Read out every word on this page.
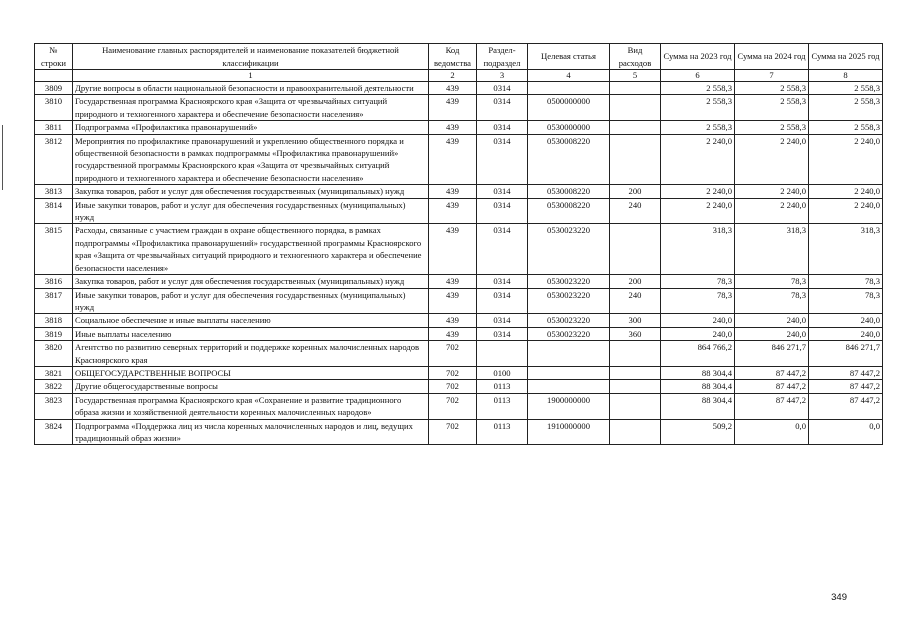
№ строки	Наименование главных распорядителей и наименование показателей бюджетной классификации	Код ведомства	Раздел-подраздел	Целевая статья	Вид расходов	Сумма на 2023 год	Сумма на 2024 год	Сумма на 2025 год
	1	2	3	4	5	6	7	8
3809	Другие вопросы в области национальной безопасности и правоохранительной деятельности	439	0314			2 558,3	2 558,3	2 558,3
3810	Государственная программа Красноярского края «Защита от чрезвычайных ситуаций природного и техногенного характера и обеспечение безопасности населения»	439	0314	0500000000		2 558,3	2 558,3	2 558,3
3811	Подпрограмма «Профилактика правонарушений»	439	0314	0530000000		2 558,3	2 558,3	2 558,3
3812	Мероприятия по профилактике правонарушений и укреплению общественного порядка и общественной безопасности в рамках подпрограммы «Профилактика правонарушений» государственной программы Красноярского края «Защита от чрезвычайных ситуаций природного и техногенного характера и обеспечение безопасности населения»	439	0314	0530008220		2 240,0	2 240,0	2 240,0
3813	Закупка товаров, работ и услуг для обеспечения государственных (муниципальных) нужд	439	0314	0530008220	200	2 240,0	2 240,0	2 240,0
3814	Иные закупки товаров, работ и услуг для обеспечения государственных (муниципальных) нужд	439	0314	0530008220	240	2 240,0	2 240,0	2 240,0
3815	Расходы, связанные с участием граждан в охране общественного порядка, в рамках подпрограммы «Профилактика правонарушений» государственной программы Красноярского края «Защита от чрезвычайных ситуаций природного и техногенного характера и обеспечение безопасности населения»	439	0314	0530023220		318,3	318,3	318,3
3816	Закупка товаров, работ и услуг для обеспечения государственных (муниципальных) нужд	439	0314	0530023220	200	78,3	78,3	78,3
3817	Иные закупки товаров, работ и услуг для обеспечения государственных (муниципальных) нужд	439	0314	0530023220	240	78,3	78,3	78,3
3818	Социальное обеспечение и иные выплаты населению	439	0314	0530023220	300	240,0	240,0	240,0
3819	Иные выплаты населению	439	0314	0530023220	360	240,0	240,0	240,0
3820	Агентство по развитию северных территорий и поддержке коренных малочисленных народов Красноярского края	702				864 766,2	846 271,7	846 271,7
3821	ОБЩЕГОСУДАРСТВЕННЫЕ ВОПРОСЫ	702	0100			88 304,4	87 447,2	87 447,2
3822	Другие общегосударственные вопросы	702	0113			88 304,4	87 447,2	87 447,2
3823	Государственная программа Красноярского края «Сохранение и развитие традиционного образа жизни и хозяйственной деятельности коренных малочисленных народов»	702	0113	1900000000		88 304,4	87 447,2	87 447,2
3824	Подпрограмма «Поддержка лиц из числа коренных малочисленных народов и лиц, ведущих традиционный образ жизни»	702	0113	1910000000		509,2	0,0	0,0
349
